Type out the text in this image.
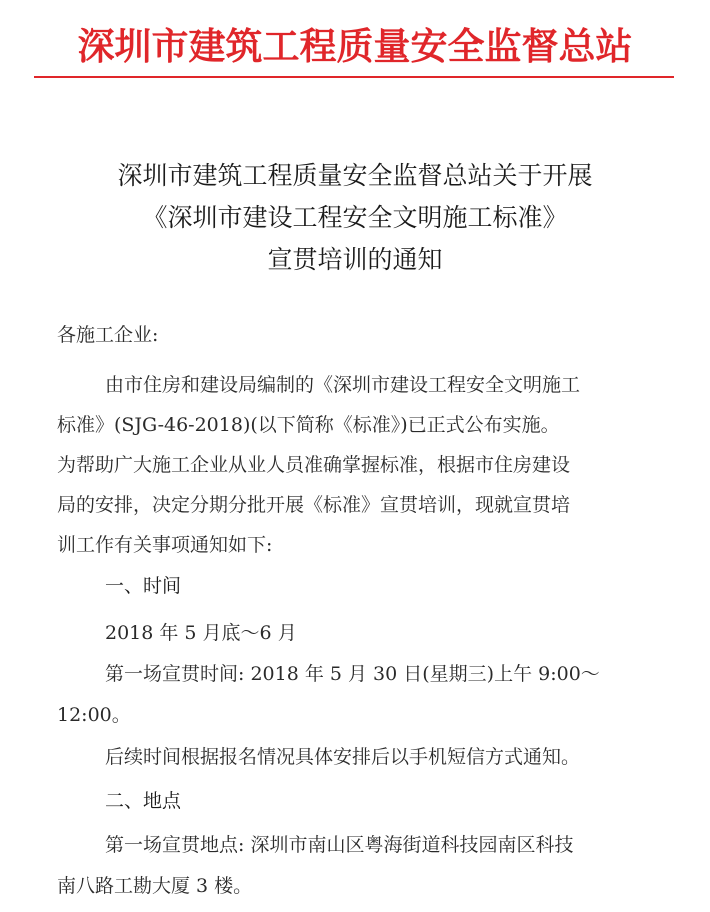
深圳市建筑工程质量安全监督总站
深圳市建筑工程质量安全监督总站关于开展
《深圳市建设工程安全文明施工标准》
宣贯培训的通知
各施工企业:
由市住房和建设局编制的《深圳市建设工程安全文明施工
标准》(SJG-46-2018)(以下简称《标准》)已正式公布实施。
为帮助广大施工企业从业人员准确掌握标准，根据市住房建设
局的安排，决定分期分批开展《标准》宣贯培训，现就宣贯培
训工作有关事项通知如下:
一、时间
2018 年 5 月底～6 月
第一场宣贯时间: 2018 年 5 月 30 日(星期三)上午 9:00～
12:00。
后续时间根据报名情况具体安排后以手机短信方式通知。
二、地点
第一场宣贯地点: 深圳市南山区粤海街道科技园南区科技
南八路工勘大厦 3 楼。
